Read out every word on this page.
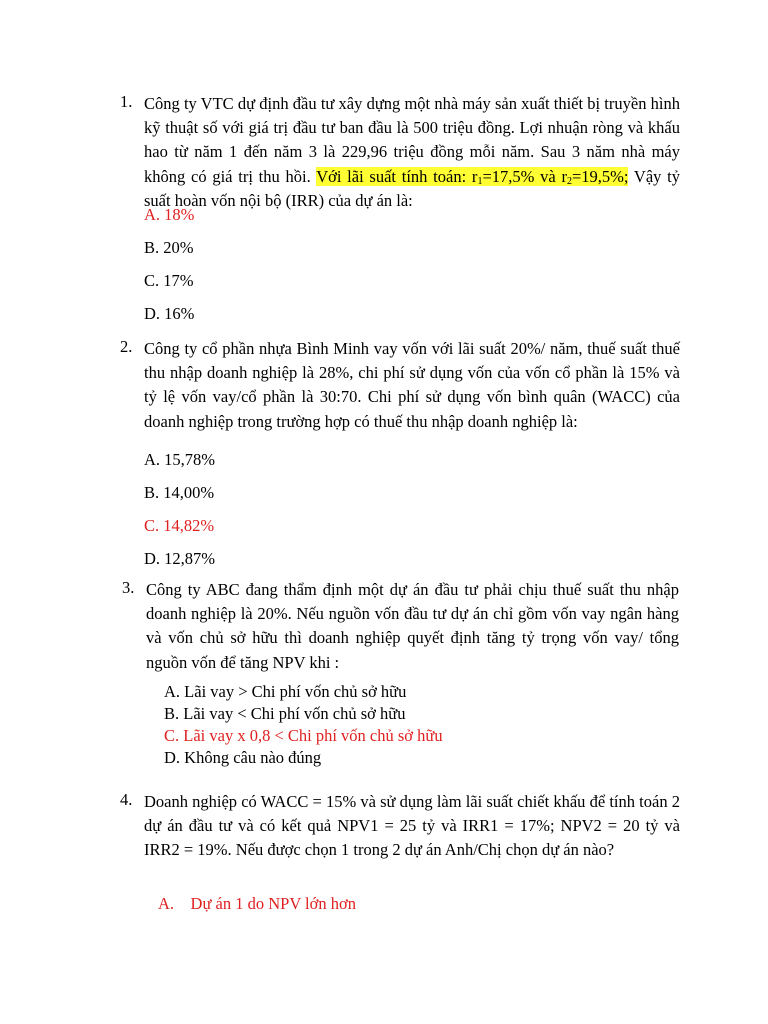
1. Công ty VTC dự định đầu tư xây dựng một nhà máy sản xuất thiết bị truyền hình kỹ thuật số với giá trị đầu tư ban đầu là 500 triệu đồng. Lợi nhuận ròng và khấu hao từ năm 1 đến năm 3 là 229,96 triệu đồng mỗi năm. Sau 3 năm nhà máy không có giá trị thu hồi. Với lãi suất tính toán: $r_1=17,5\%$ và $r_2=19,5\%$; Vậy tỷ suất hoàn vốn nội bộ (IRR) của dự án là:
A. 18%
B. 20%
C. 17%
D. 16%
2. Công ty cổ phần nhựa Bình Minh vay vốn với lãi suất 20%/ năm, thuế suất thuế thu nhập doanh nghiệp là 28%, chi phí sử dụng vốn của vốn cổ phần là 15% và tỷ lệ vốn vay/cổ phần là 30:70. Chi phí sử dụng vốn bình quân (WACC) của doanh nghiệp trong trường hợp có thuế thu nhập doanh nghiệp là:
A. 15,78%
B. 14,00%
C. 14,82%
D. 12,87%
3. Công ty ABC đang thẩm định một dự án đầu tư phải chịu thuế suất thu nhập doanh nghiệp là 20%. Nếu nguồn vốn đầu tư dự án chỉ gồm vốn vay ngân hàng và vốn chủ sở hữu thì doanh nghiệp quyết định tăng tỷ trọng vốn vay/ tổng nguồn vốn để tăng NPV khi :
A. Lãi vay > Chi phí vốn chủ sở hữu
B. Lãi vay < Chi phí vốn chủ sở hữu
C. Lãi vay x 0,8 < Chi phí vốn chủ sở hữu
D. Không câu nào đúng
4. Doanh nghiệp có WACC = 15% và sử dụng làm lãi suất chiết khấu để tính toán 2 dự án đầu tư và có kết quả NPV1 = 25 tỷ và IRR1 = 17%; NPV2 = 20 tỷ và IRR2 = 19%. Nếu được chọn 1 trong 2 dự án Anh/Chị chọn dự án nào?
A.    Dự án 1 do NPV lớn hơn
